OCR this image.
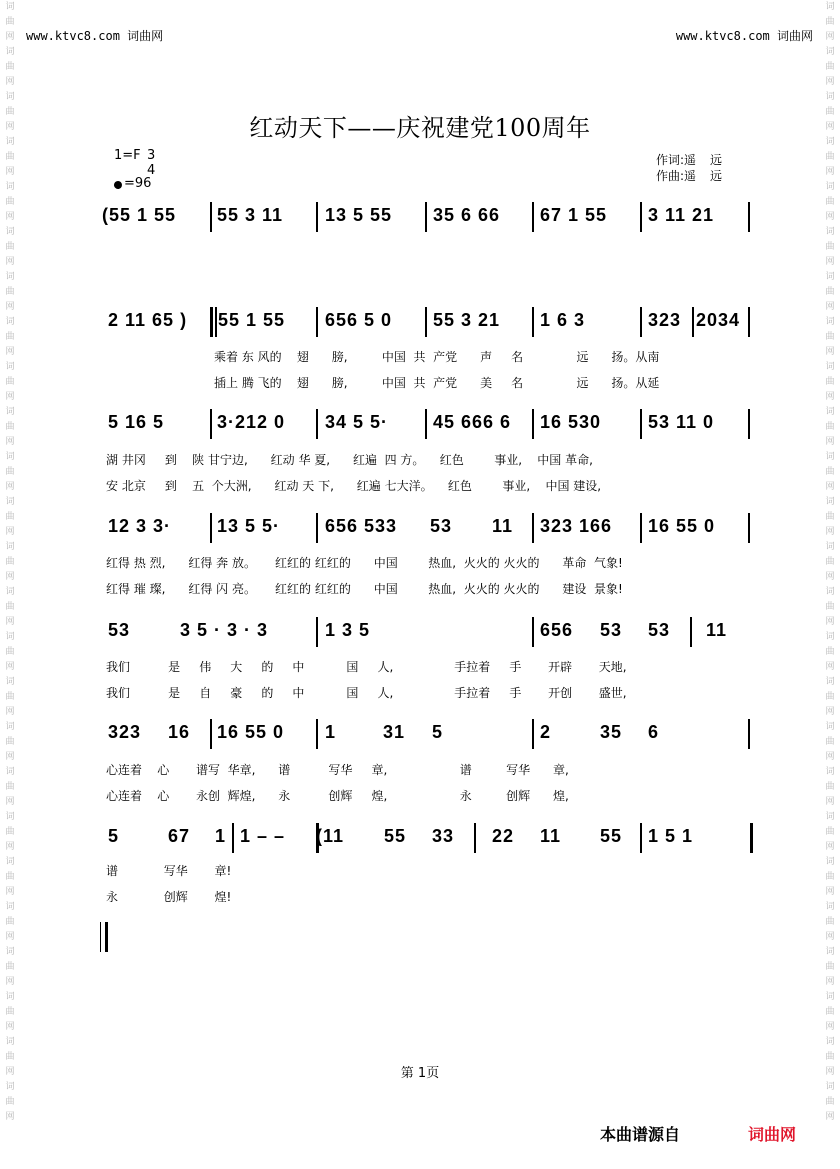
词曲网词曲网词曲网词曲网词曲网词曲网词曲网词曲网词曲网词曲网词曲网词曲网词曲网词曲网词曲网词曲网词曲网词曲网词曲网词曲网词曲网词曲网词曲网词曲网词曲网
词曲网词曲网词曲网词曲网词曲网词曲网词曲网词曲网词曲网词曲网词曲网词曲网词曲网词曲网词曲网词曲网词曲网词曲网词曲网词曲网词曲网词曲网词曲网词曲网词曲网
www.ktvc8.com 词曲网	www.ktvc8.com 词曲网
红动天下——庆祝建党100周年
1=F 3
4
=96
作词:遥 远
作曲:遥 远
(55 1 55 55 3 11 13 5 55 35 6 66 67 1 55 3 11 21
2 11 65 ) 55 1 55 656 5 0 55 3 21 1 6 3	323 2034
乘着 东 风的    翅      膀,         中国  共  产党      声     名              远      扬。从南
插上 腾 飞的    翅      膀,         中国  共  产党      美     名              远      扬。从延
5 16 5	3·212 0 34 5 5· 45 666 6 16 530	53 11 0
湖 井冈     到    陕 甘宁边,      红动 华 夏,      红遍  四 方。    红色        事业,    中国 革命,
安 北京     到    五  个大洲,      红动 天 下,      红遍 七大洋。    红色        事业,    中国 建设,
12 3 3·	13 5 5· 656 533 53 11 323 166 16 55 0
红得 热 烈,      红得 奔 放。     红红的 红红的      中国        热血,  火火的 火火的      革命  气象!
红得 璀 璨,      红得 闪 亮。     红红的 红红的      中国        热血,  火火的 火火的      建设  景象!
53	3 5 · 3 · 3	1 3 5	656 53 53 11
我们          是     伟     大     的     中           国     人,                手拉着     手       开辟       天地,
我们          是     自     豪     的     中           国     人,                手拉着     手       开创       盛世,
323 16 16 55 0 1	31 5	2	35 6
心连着    心       谱写  华章,      谱          写华     章,                   谱         写华      章,
心连着    心       永创  辉煌,      永          创辉     煌,                   永         创辉      煌,
5	67 1 1 – – (11 55 33 22 11 55 1 5 1
谱            写华       章!
永            创辉       煌!
第 1页
本曲谱源自	词曲网
